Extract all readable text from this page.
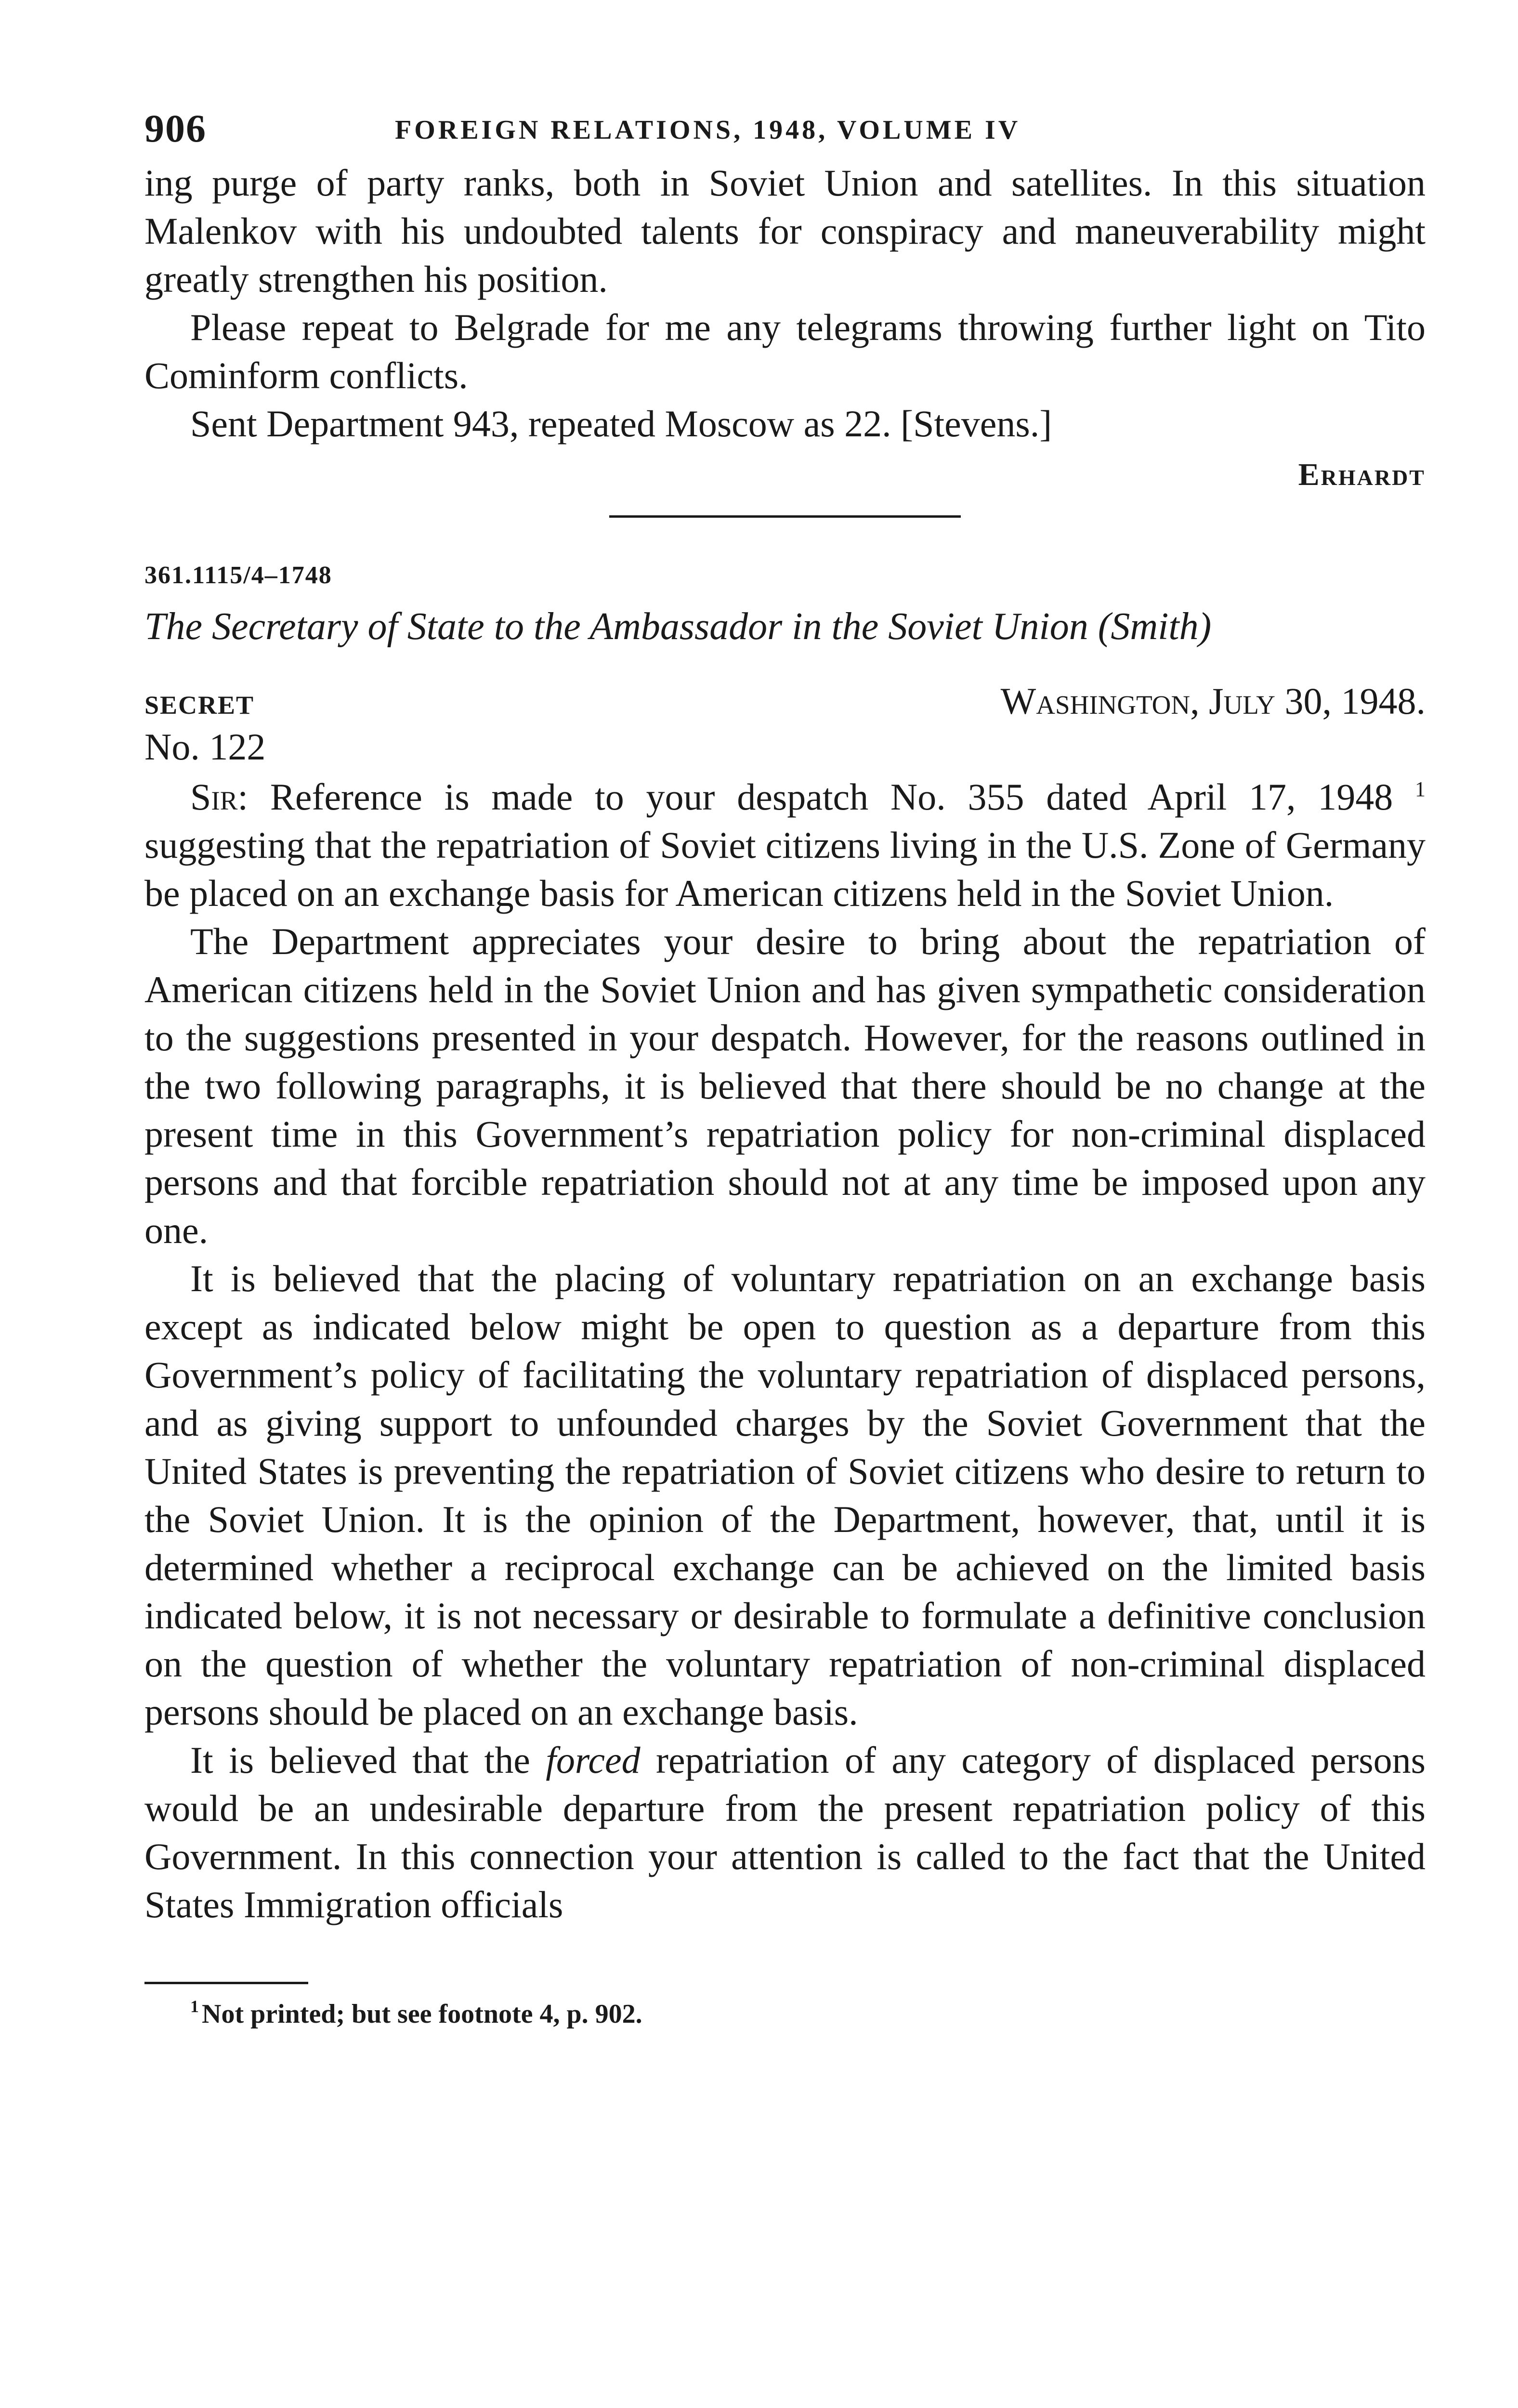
906	FOREIGN RELATIONS, 1948, VOLUME IV

ing purge of party ranks, both in Soviet Union and satellites. In this situation Malenkov with his undoubted talents for conspiracy and maneuverability might greatly strengthen his position.

Please repeat to Belgrade for me any telegrams throwing further light on Tito Cominform conflicts.

Sent Department 943, repeated Moscow as 22. [Stevens.]

Erhardt
361.1115/4–1748
The Secretary of State to the Ambassador in the Soviet Union (Smith)
SECRET	Washington, July 30, 1948.
No. 122

Sir: Reference is made to your despatch No. 355 dated April 17, 1948 $^1$ suggesting that the repatriation of Soviet citizens living in the U.S. Zone of Germany be placed on an exchange basis for American citizens held in the Soviet Union.

The Department appreciates your desire to bring about the repatriation of American citizens held in the Soviet Union and has given sympathetic consideration to the suggestions presented in your despatch. However, for the reasons outlined in the two following paragraphs, it is believed that there should be no change at the present time in this Government’s repatriation policy for non-criminal displaced persons and that forcible repatriation should not at any time be imposed upon any one.

It is believed that the placing of voluntary repatriation on an exchange basis except as indicated below might be open to question as a departure from this Government’s policy of facilitating the voluntary repatriation of displaced persons, and as giving support to unfounded charges by the Soviet Government that the United States is preventing the repatriation of Soviet citizens who desire to return to the Soviet Union. It is the opinion of the Department, however, that, until it is determined whether a reciprocal exchange can be achieved on the limited basis indicated below, it is not necessary or desirable to formulate a definitive conclusion on the question of whether the voluntary repatriation of non-criminal displaced persons should be placed on an exchange basis.

It is believed that the forced repatriation of any category of displaced persons would be an undesirable departure from the present repatriation policy of this Government. In this connection your attention is called to the fact that the United States Immigration officials

$^1$ Not printed; but see footnote 4, p. 902.
